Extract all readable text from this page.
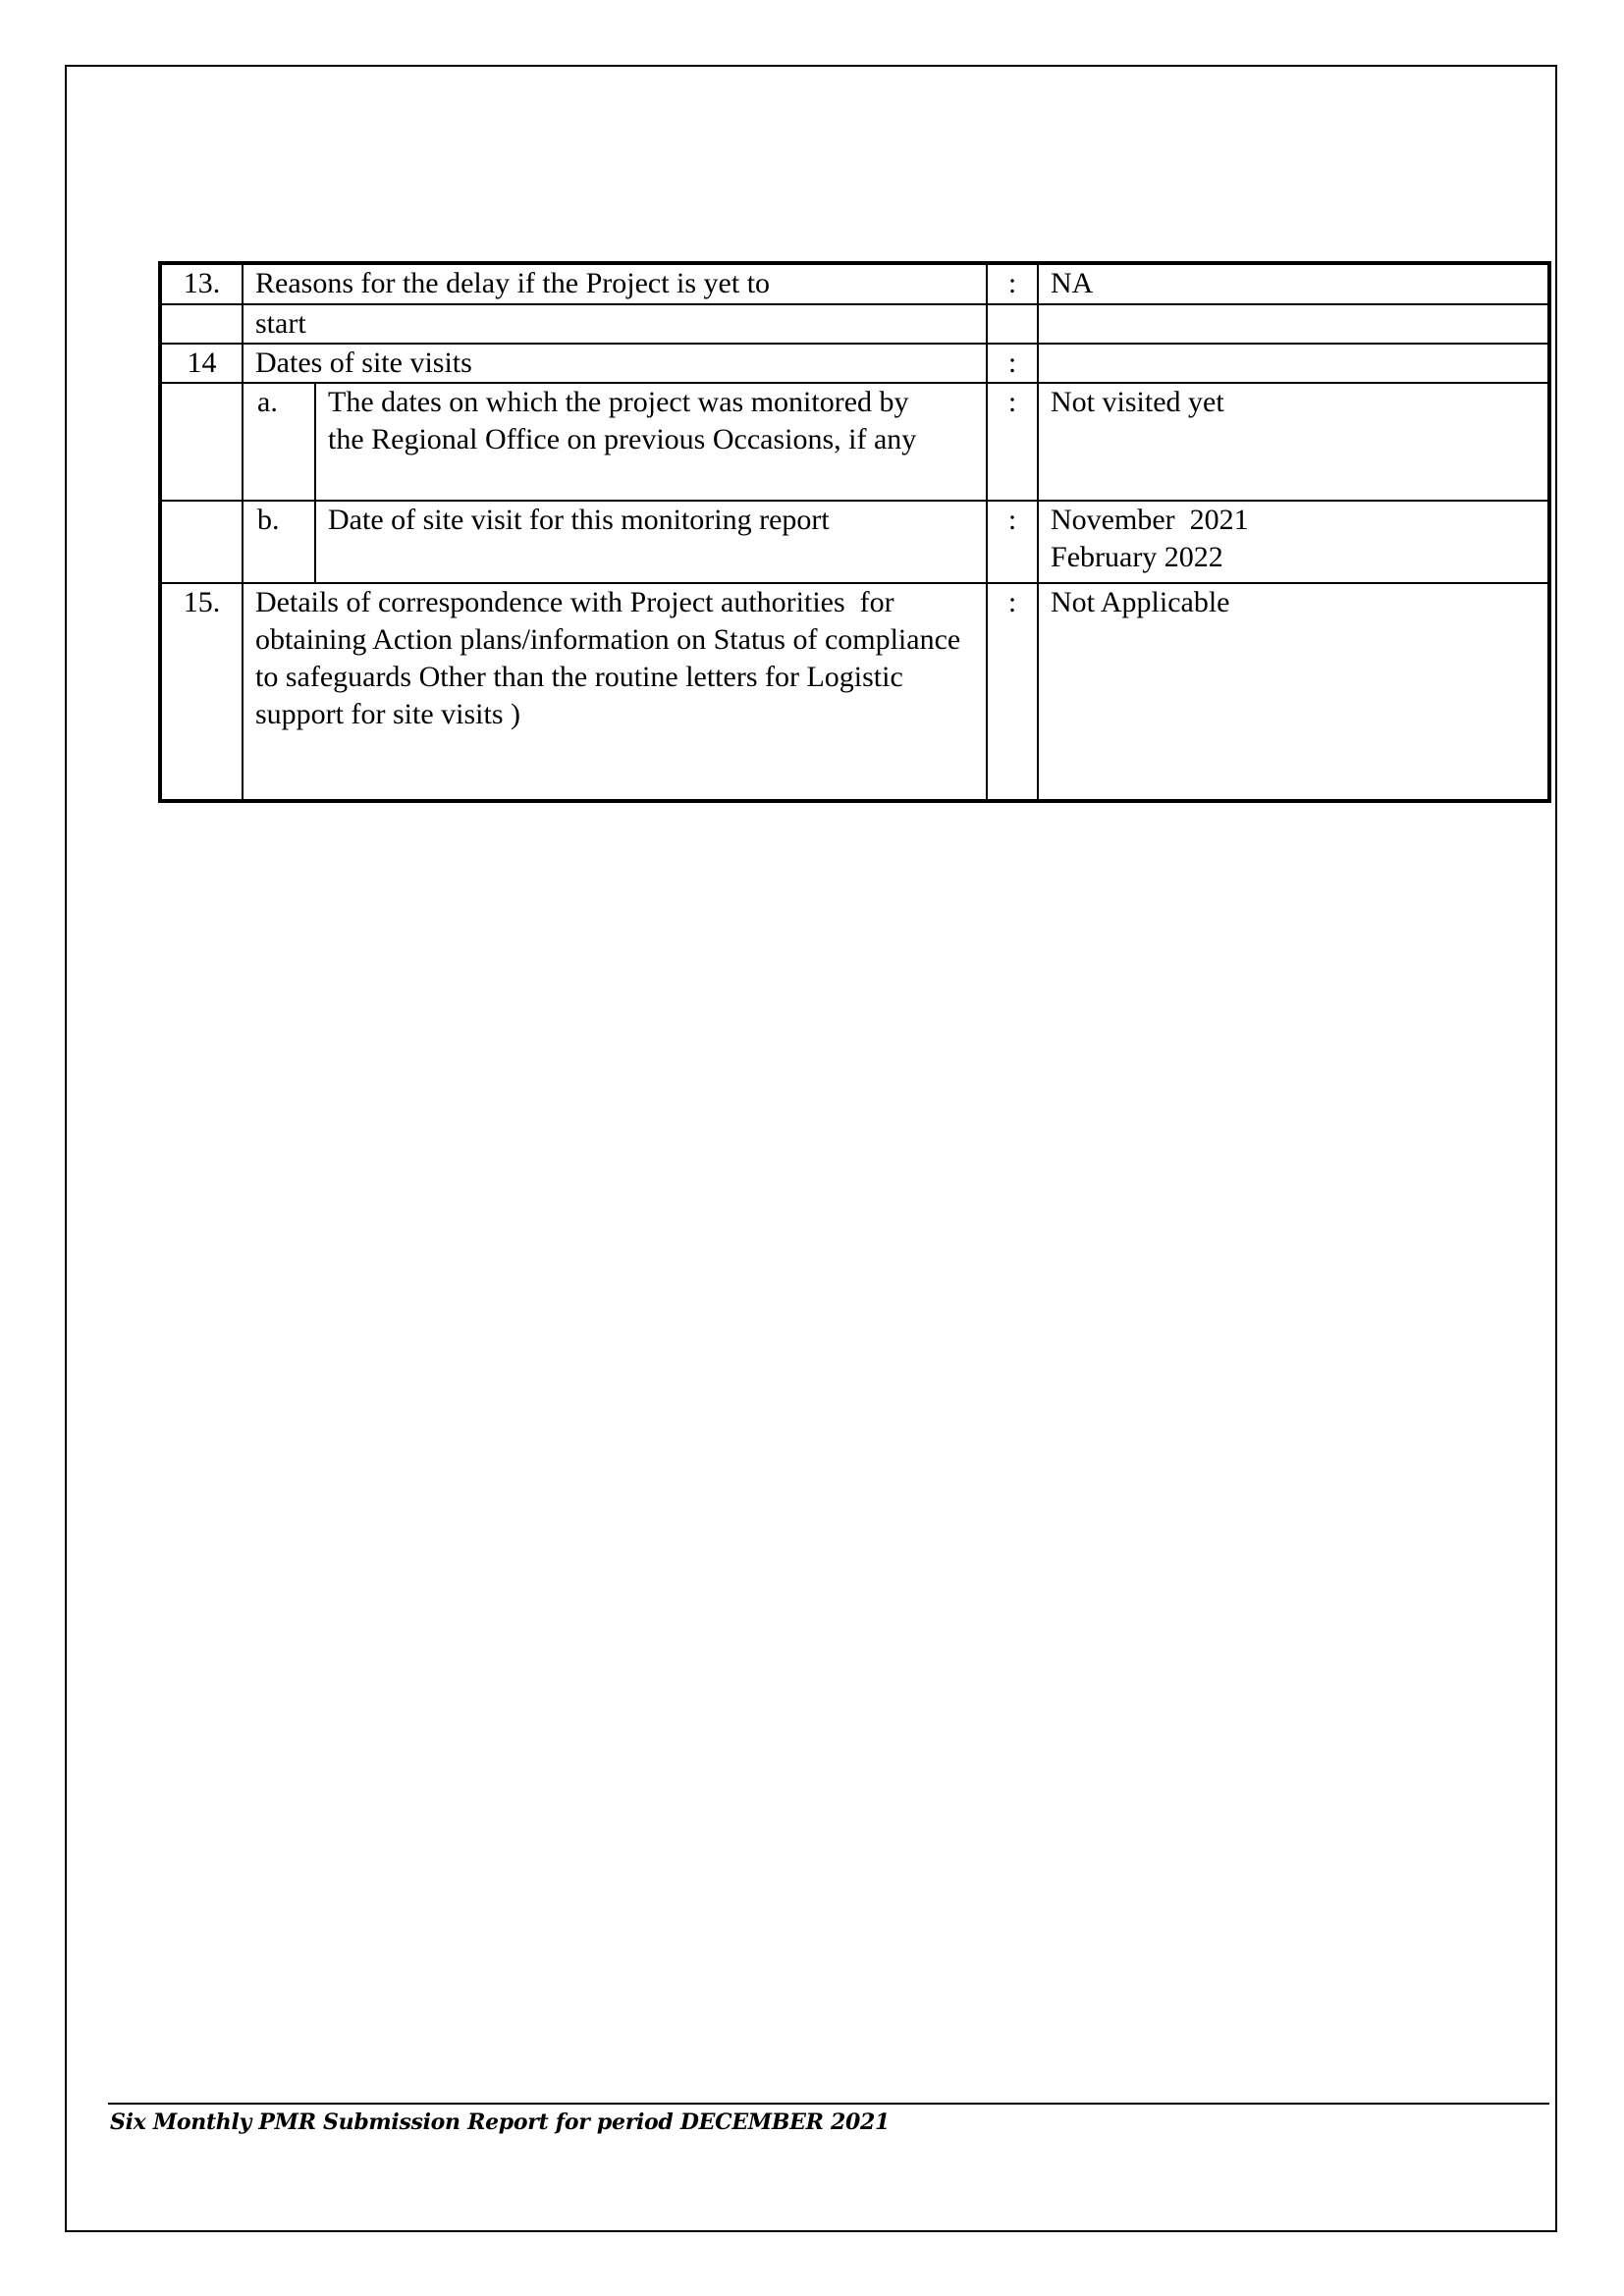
13.	Reasons for the delay if the Project is yet to		:	NA
	start			
14	Dates of site visits		:	
	a.	The dates on which the project was monitored by the Regional Office on previous Occasions, if any	:	Not visited yet
	b.	Date of site visit for this monitoring report	:	November  2021
February 2022

15.	Details of correspondence with Project authorities  for obtaining Action plans/information on Status of compliance to safeguards Other than the routine letters for Logistic support for site visits )		:	Not Applicable
Six Monthly PMR Submission Report for period DECEMBER 2021
